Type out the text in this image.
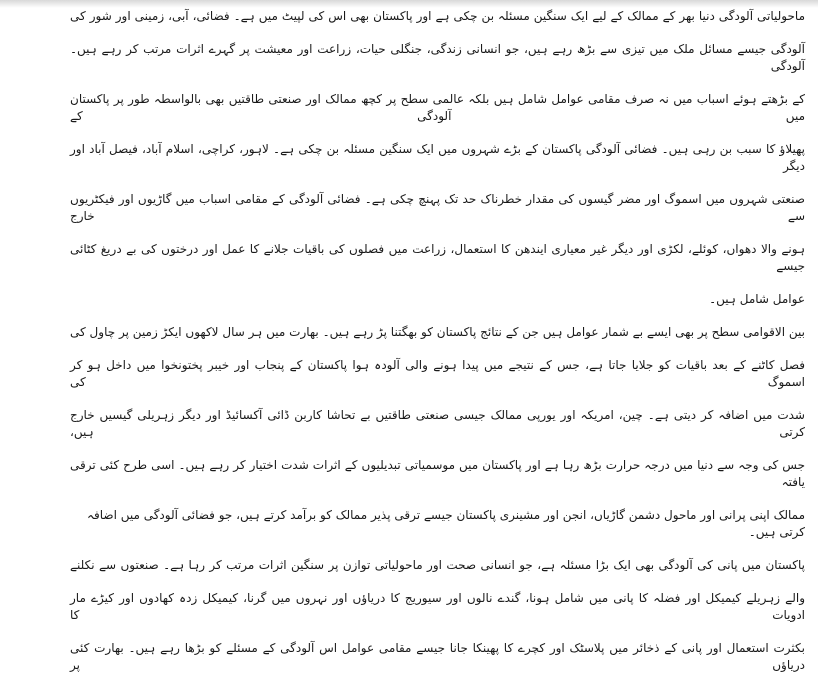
ماحولیاتی آلودگی دنیا بھر کے ممالک کے لیے ایک سنگین مسئلہ بن چکی ہے اور پاکستان بھی اس کی لپیٹ میں ہے۔ فضائی، آبی، زمینی اور شور کی
آلودگی جیسے مسائل ملک میں تیزی سے بڑھ رہے ہیں، جو انسانی زندگی، جنگلی حیات، زراعت اور معیشت پر گہرے اثرات مرتب کر رہے ہیں۔ آلودگی
کے بڑھتے ہوئے اسباب میں نہ صرف مقامی عوامل شامل ہیں بلکہ عالمی سطح پر کچھ ممالک اور صنعتی طاقتیں بھی بالواسطہ طور پر پاکستان میں آلودگی کے
پھیلاؤ کا سبب بن رہی ہیں۔ فضائی آلودگی پاکستان کے بڑے شہروں میں ایک سنگین مسئلہ بن چکی ہے۔ لاہور، کراچی، اسلام آباد، فیصل آباد اور دیگر
صنعتی شہروں میں اسموگ اور مضر گیسوں کی مقدار خطرناک حد تک پہنچ چکی ہے۔ فضائی آلودگی کے مقامی اسباب میں گاڑیوں اور فیکٹریوں سے خارج
ہونے والا دھواں، کوئلے، لکڑی اور دیگر غیر معیاری ایندھن کا استعمال، زراعت میں فصلوں کی باقیات جلانے کا عمل اور درختوں کی بے دریغ کٹائی جیسے
عوامل شامل ہیں۔
بین الاقوامی سطح پر بھی ایسے بے شمار عوامل ہیں جن کے نتائج پاکستان کو بھگتنا پڑ رہے ہیں۔ بھارت میں ہر سال لاکھوں ایکڑ زمین پر چاول کی
فصل کاٹنے کے بعد باقیات کو جلایا جاتا ہے، جس کے نتیجے میں پیدا ہونے والی آلودہ ہوا پاکستان کے پنجاب اور خیبر پختونخوا میں داخل ہو کر اسموگ کی
شدت میں اضافہ کر دیتی ہے۔ چین، امریکہ اور یورپی ممالک جیسی صنعتی طاقتیں بے تحاشا کاربن ڈائی آکسائیڈ اور دیگر زہریلی گیسیں خارج کرتی ہیں،
جس کی وجہ سے دنیا میں درجہ حرارت بڑھ رہا ہے اور پاکستان میں موسمیاتی تبدیلیوں کے اثرات شدت اختیار کر رہے ہیں۔ اسی طرح کئی ترقی یافتہ
ممالک اپنی پرانی اور ماحول دشمن گاڑیاں، انجن اور مشینری پاکستان جیسے ترقی پذیر ممالک کو برآمد کرتے ہیں، جو فضائی آلودگی میں اضافہ کرتی ہیں۔
پاکستان میں پانی کی آلودگی بھی ایک بڑا مسئلہ ہے، جو انسانی صحت اور ماحولیاتی توازن پر سنگین اثرات مرتب کر رہا ہے۔ صنعتوں سے نکلنے
والے زہریلے کیمیکل اور فضلہ کا پانی میں شامل ہونا، گندے نالوں اور سیوریج کا دریاؤں اور نہروں میں گرنا، کیمیکل زدہ کھادوں اور کیڑے مار ادویات کا
بکثرت استعمال اور پانی کے ذخائر میں پلاسٹک اور کچرے کا پھینکا جانا جیسے مقامی عوامل اس آلودگی کے مسئلے کو بڑھا رہے ہیں۔ بھارت کئی دریاؤں پر
